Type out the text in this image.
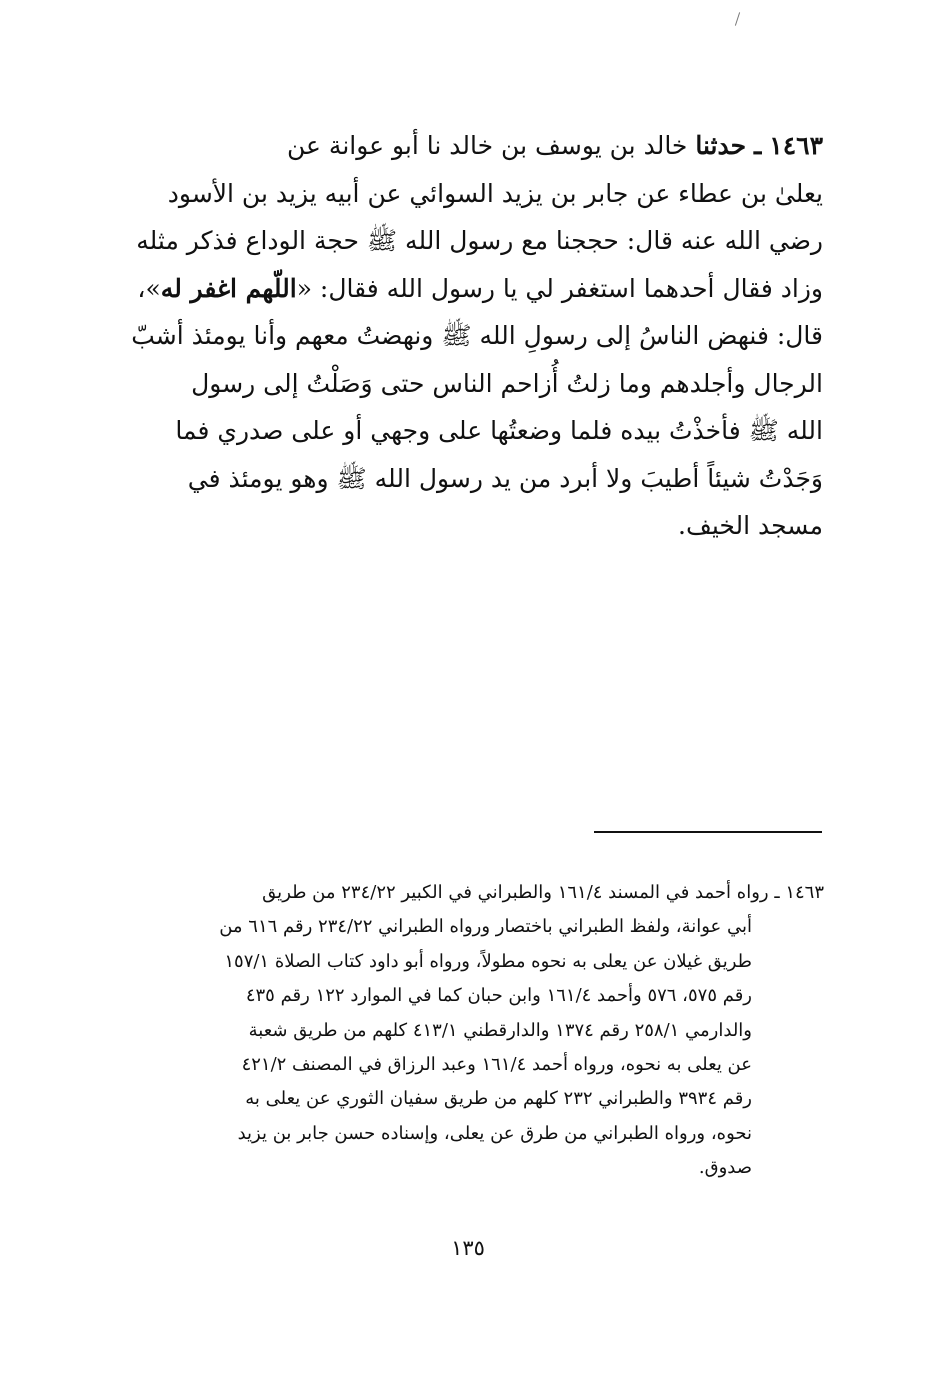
١٤٦٣ ـ حدثنا خالد بن يوسف بن خالد نا أبو عوانة عن
يعلىٰ بن عطاء عن جابر بن يزيد السوائي عن أبيه يزيد بن الأسود
رضي الله عنه قال: حججنا مع رسول الله ﷺ حجة الوداع فذكر مثله
وزاد فقال أحدهما استغفر لي يا رسول الله فقال: «اللّهم اغفر له»،
قال: فنهض الناسُ إلى رسولِ الله ﷺ ونهضتُ معهم وأنا يومئذ أشبّ
الرجال وأجلدهم وما زلتُ أُزاحم الناس حتى وَصَلْتُ إلى رسول
الله ﷺ فأخذْتُ بيده فلما وضعتُها على وجهي أو على صدري فما
وَجَدْتُ شيئاً أطيبَ ولا أبرد من يد رسول الله ﷺ وهو يومئذ في
مسجد الخيف.
١٤٦٣ ـ رواه أحمد في المسند ١٦١/٤ والطبراني في الكبير ٢٣٤/٢٢ من طريق
أبي عوانة، ولفظ الطبراني باختصار ورواه الطبراني ٢٣٤/٢٢ رقم ٦١٦ من
طريق غيلان عن يعلى به نحوه مطولاً، ورواه أبو داود كتاب الصلاة ١٥٧/١
رقم ٥٧٥، ٥٧٦ وأحمد ١٦١/٤ وابن حبان كما في الموارد ١٢٢ رقم ٤٣٥
والدارمي ٢٥٨/١ رقم ١٣٧٤ والدارقطني ٤١٣/١ كلهم من طريق شعبة
عن يعلى به نحوه، ورواه أحمد ١٦١/٤ وعبد الرزاق في المصنف ٤٢١/٢
رقم ٣٩٣٤ والطبراني ٢٣٢ كلهم من طريق سفيان الثوري عن يعلى به
نحوه، ورواه الطبراني من طرق عن يعلى، وإسناده حسن جابر بن يزيد
صدوق.
١٣٥
